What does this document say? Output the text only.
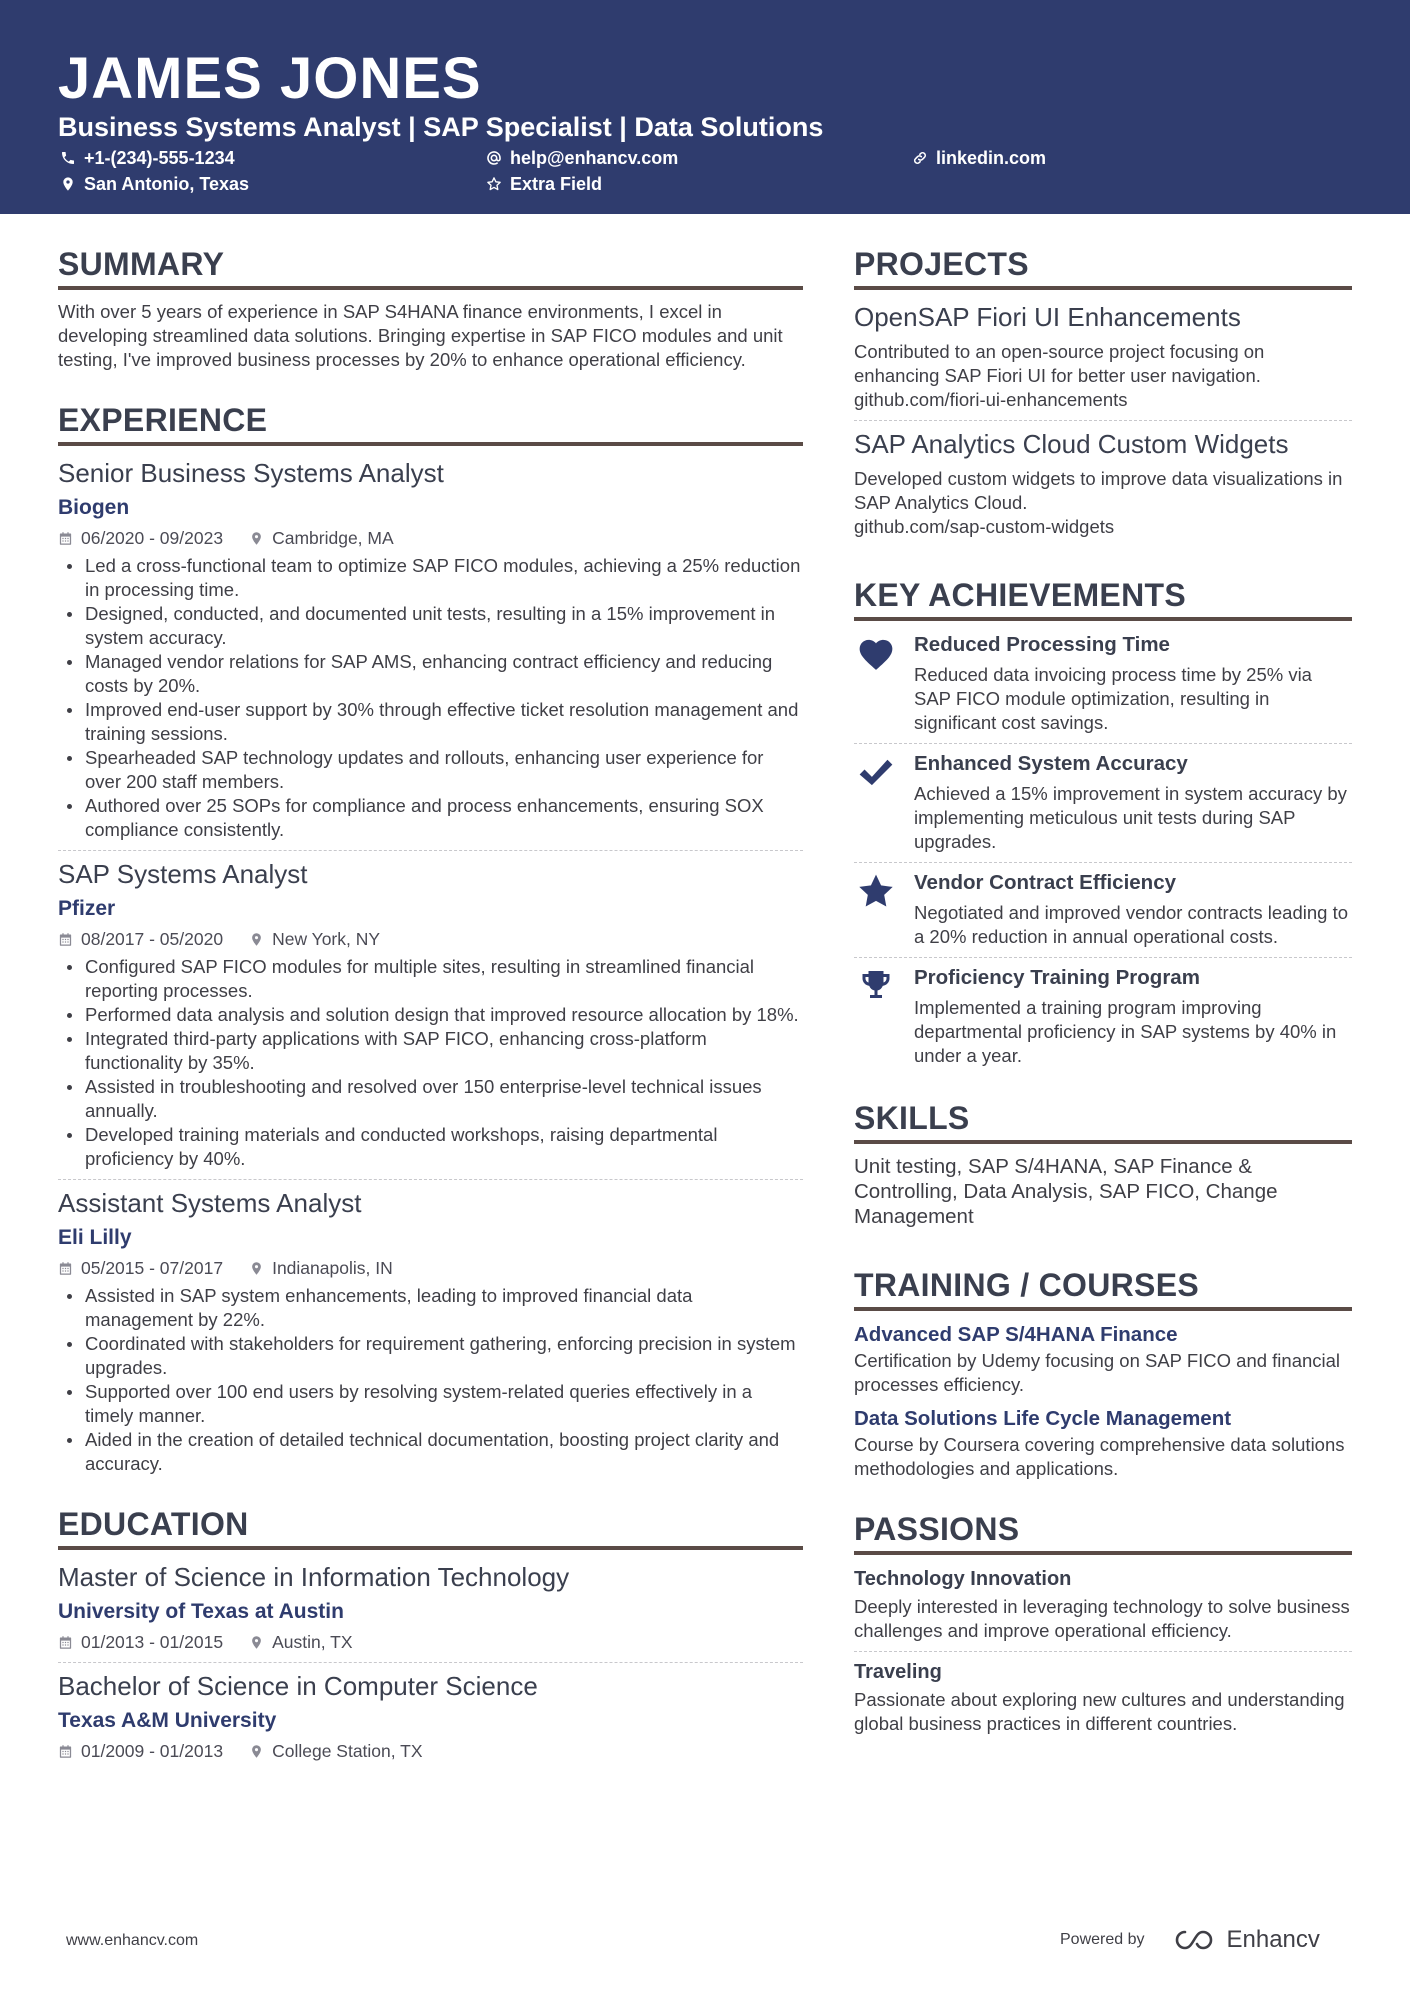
JAMES JONES
Business Systems Analyst | SAP Specialist | Data Solutions
+1-(234)-555-1234	help@enhancv.com	linkedin.com
San Antonio, Texas	Extra Field
SUMMARY
With over 5 years of experience in SAP S4HANA finance environments, I excel in developing streamlined data solutions. Bringing expertise in SAP FICO modules and unit testing, I've improved business processes by 20% to enhance operational efficiency.
EXPERIENCE
Senior Business Systems Analyst
Biogen
06/2020 - 09/2023	Cambridge, MA
Led a cross-functional team to optimize SAP FICO modules, achieving a 25% reduction in processing time.
Designed, conducted, and documented unit tests, resulting in a 15% improvement in system accuracy.
Managed vendor relations for SAP AMS, enhancing contract efficiency and reducing costs by 20%.
Improved end-user support by 30% through effective ticket resolution management and training sessions.
Spearheaded SAP technology updates and rollouts, enhancing user experience for over 200 staff members.
Authored over 25 SOPs for compliance and process enhancements, ensuring SOX compliance consistently.
SAP Systems Analyst
Pfizer
08/2017 - 05/2020	New York, NY
Configured SAP FICO modules for multiple sites, resulting in streamlined financial reporting processes.
Performed data analysis and solution design that improved resource allocation by 18%.
Integrated third-party applications with SAP FICO, enhancing cross-platform functionality by 35%.
Assisted in troubleshooting and resolved over 150 enterprise-level technical issues annually.
Developed training materials and conducted workshops, raising departmental proficiency by 40%.
Assistant Systems Analyst
Eli Lilly
05/2015 - 07/2017	Indianapolis, IN
Assisted in SAP system enhancements, leading to improved financial data management by 22%.
Coordinated with stakeholders for requirement gathering, enforcing precision in system upgrades.
Supported over 100 end users by resolving system-related queries effectively in a timely manner.
Aided in the creation of detailed technical documentation, boosting project clarity and accuracy.
EDUCATION
Master of Science in Information Technology
University of Texas at Austin
01/2013 - 01/2015	Austin, TX
Bachelor of Science in Computer Science
Texas A&M University
01/2009 - 01/2013	College Station, TX
PROJECTS
OpenSAP Fiori UI Enhancements
Contributed to an open-source project focusing on enhancing SAP Fiori UI for better user navigation.
github.com/fiori-ui-enhancements
SAP Analytics Cloud Custom Widgets
Developed custom widgets to improve data visualizations in SAP Analytics Cloud.
github.com/sap-custom-widgets
KEY ACHIEVEMENTS
Reduced Processing Time
Reduced data invoicing process time by 25% via SAP FICO module optimization, resulting in significant cost savings.
Enhanced System Accuracy
Achieved a 15% improvement in system accuracy by implementing meticulous unit tests during SAP upgrades.
Vendor Contract Efficiency
Negotiated and improved vendor contracts leading to a 20% reduction in annual operational costs.
Proficiency Training Program
Implemented a training program improving departmental proficiency in SAP systems by 40% in under a year.
SKILLS
Unit testing, SAP S/4HANA, SAP Finance & Controlling, Data Analysis, SAP FICO, Change Management
TRAINING / COURSES
Advanced SAP S/4HANA Finance
Certification by Udemy focusing on SAP FICO and financial processes efficiency.
Data Solutions Life Cycle Management
Course by Coursera covering comprehensive data solutions methodologies and applications.
PASSIONS
Technology Innovation
Deeply interested in leveraging technology to solve business challenges and improve operational efficiency.
Traveling
Passionate about exploring new cultures and understanding global business practices in different countries.
www.enhancv.com	Powered by	Enhancv
